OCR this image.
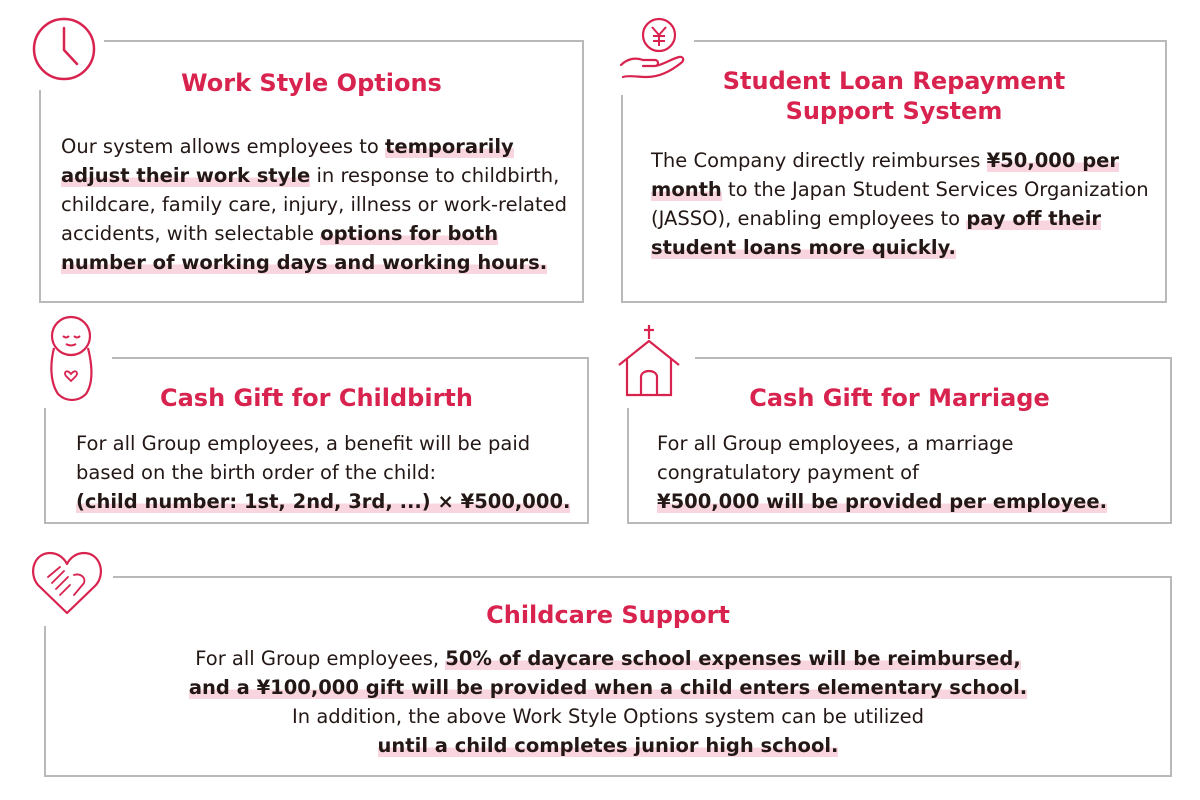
Work Style Options
Our system allows employees to temporarily adjust their work style in response to childbirth, childcare, family care, injury, illness or work-related accidents, with selectable options for both number of working days and working hours.
Student Loan Repayment
Support System
The Company directly reimburses ¥50,000 per month to the Japan Student Services Organization (JASSO), enabling employees to pay off their student loans more quickly.
Cash Gift for Childbirth
For all Group employees, a benefit will be paid based on the birth order of the child:
(child number: 1st, 2nd, 3rd, ...) × ¥500,000.
Cash Gift for Marriage
For all Group employees, a marriage congratulatory payment of
¥500,000 will be provided per employee.
Childcare Support
For all Group employees, 50% of daycare school expenses will be reimbursed,
and a ¥100,000 gift will be provided when a child enters elementary school.
In addition, the above Work Style Options system can be utilized
until a child completes junior high school.
